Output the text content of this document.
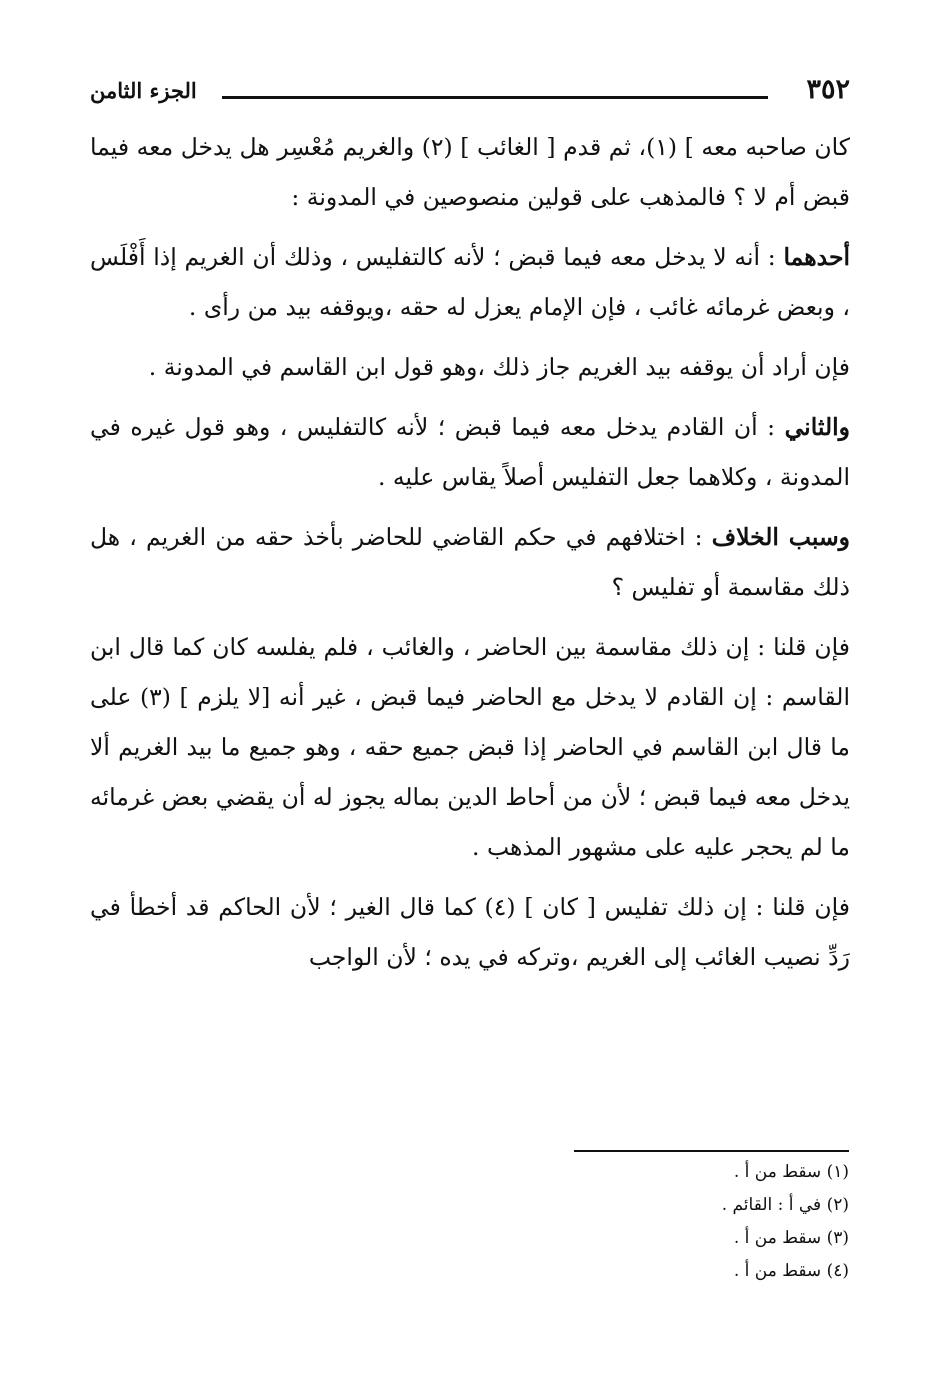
٣٥٢
الجزء الثامن

كان صاحبه معه ] (١)، ثم قدم [ الغائب ] (٢) والغريم مُعْسِر هل يدخل معه فيما قبض أم لا ؟ فالمذهب على قولين منصوصين في المدونة :

أحدهما : أنه لا يدخل معه فيما قبض ؛ لأنه كالتفليس ، وذلك أن الغريم إذا أَفْلَس ، وبعض غرمائه غائب ، فإن الإمام يعزل له حقه ،ويوقفه بيد من رأى .

فإن أراد أن يوقفه بيد الغريم جاز ذلك ،وهو قول ابن القاسم في المدونة .

والثاني : أن القادم يدخل معه فيما قبض ؛ لأنه كالتفليس ، وهو قول غيره في المدونة ، وكلاهما جعل التفليس أصلاً يقاس عليه .

وسبب الخلاف : اختلافهم في حكم القاضي للحاضر بأخذ حقه من الغريم ، هل ذلك مقاسمة أو تفليس ؟

فإن قلنا : إن ذلك مقاسمة بين الحاضر ، والغائب ، فلم يفلسه كان كما قال ابن القاسم : إن القادم لا يدخل مع الحاضر فيما قبض ، غير أنه [لا يلزم ] (٣) على ما قال ابن القاسم في الحاضر إذا قبض جميع حقه ، وهو جميع ما بيد الغريم ألا يدخل معه فيما قبض ؛ لأن من أحاط الدين بماله يجوز له أن يقضي بعض غرمائه ما لم يحجر عليه على مشهور المذهب .

فإن قلنا : إن ذلك تفليس [ كان ] (٤) كما قال الغير ؛ لأن الحاكم قد أخطأ في رَدِّ نصيب الغائب إلى الغريم ،وتركه في يده ؛ لأن الواجب

(١) سقط من أ .

(٢) في أ : القائم .

(٣) سقط من أ .

(٤) سقط من أ .
